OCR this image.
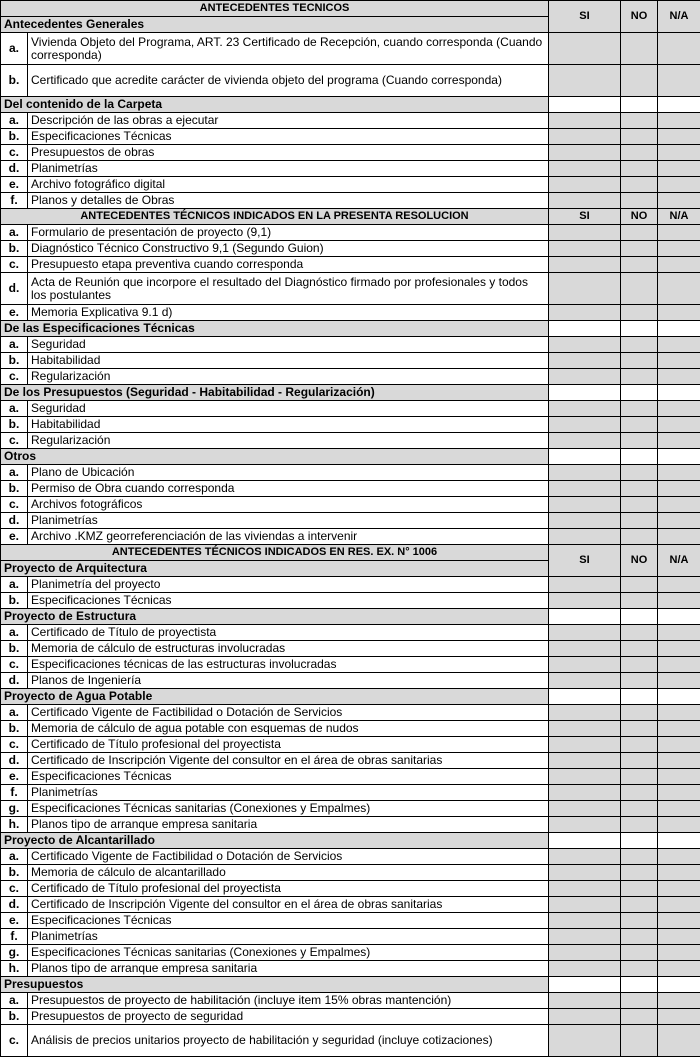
ANTECEDENTES TECNICOS		SI	NO	N/A
Antecedentes Generales				
a.	Vivienda Objeto del Programa, ART. 23 Certificado de Recepción, cuando corresponda (Cuando corresponda)			
b.	Certificado que acredite carácter de vivienda objeto del programa (Cuando corresponda)			
Del contenido de la Carpeta				
a.	Descripción de las obras a ejecutar			
b.	Especificaciones Técnicas			
c.	Presupuestos de obras			
d.	Planimetrías			
e.	Archivo fotográfico digital			
f.	Planos y detalles de Obras			
ANTECEDENTES TÉCNICOS INDICADOS EN LA PRESENTA RESOLUCION		SI	NO	N/A
a.	Formulario de presentación de proyecto (9,1)			
b.	Diagnóstico Técnico Constructivo 9,1 (Segundo Guion)			
c.	Presupuesto etapa preventiva cuando corresponda			
d.	Acta de Reunión que incorpore el resultado del Diagnóstico firmado por profesionales y todos los postulantes			
e.	Memoria Explicativa 9.1 d)			
De las Especificaciones Técnicas				
a.	Seguridad			
b.	Habitabilidad			
c.	Regularización			
De los Presupuestos (Seguridad - Habitabilidad - Regularización)				
a.	Seguridad			
b.	Habitabilidad			
c.	Regularización			
Otros				
a.	Plano de Ubicación			
b.	Permiso de Obra cuando corresponda			
c.	Archivos fotográficos			
d.	Planimetrías			
e.	Archivo .KMZ georreferenciación de las viviendas a intervenir			
ANTECEDENTES TÉCNICOS INDICADOS EN RES. EX. N° 1006		SI	NO	N/A
Proyecto de Arquitectura				
a.	Planimetría del proyecto			
b.	Especificaciones Técnicas			
Proyecto de Estructura				
a.	Certificado de Título de proyectista			
b.	Memoria de cálculo de estructuras involucradas			
c.	Especificaciones técnicas de las estructuras involucradas			
d.	Planos de Ingeniería			
Proyecto de Agua Potable				
a.	Certificado Vigente de Factibilidad o Dotación de Servicios			
b.	Memoria de cálculo de agua potable con esquemas de nudos			
c.	Certificado de Título profesional del proyectista			
d.	Certificado de Inscripción Vigente del consultor en el área de obras sanitarias			
e.	Especificaciones Técnicas			
f.	Planimetrías			
g.	Especificaciones Técnicas sanitarias (Conexiones y Empalmes)			
h.	Planos tipo de arranque empresa sanitaria			
Proyecto de Alcantarillado				
a.	Certificado Vigente de Factibilidad o Dotación de Servicios			
b.	Memoria de cálculo de alcantarillado			
c.	Certificado de Título profesional del proyectista			
d.	Certificado de Inscripción Vigente del consultor en el área de obras sanitarias			
e.	Especificaciones Técnicas			
f.	Planimetrías			
g.	Especificaciones Técnicas sanitarias (Conexiones y Empalmes)			
h.	Planos tipo de arranque empresa sanitaria			
Presupuestos				
a.	Presupuestos de proyecto de habilitación (incluye item 15% obras mantención)			
b.	Presupuestos de proyecto de seguridad			
c.	Análisis de precios unitarios proyecto de habilitación y seguridad (incluye cotizaciones)			
